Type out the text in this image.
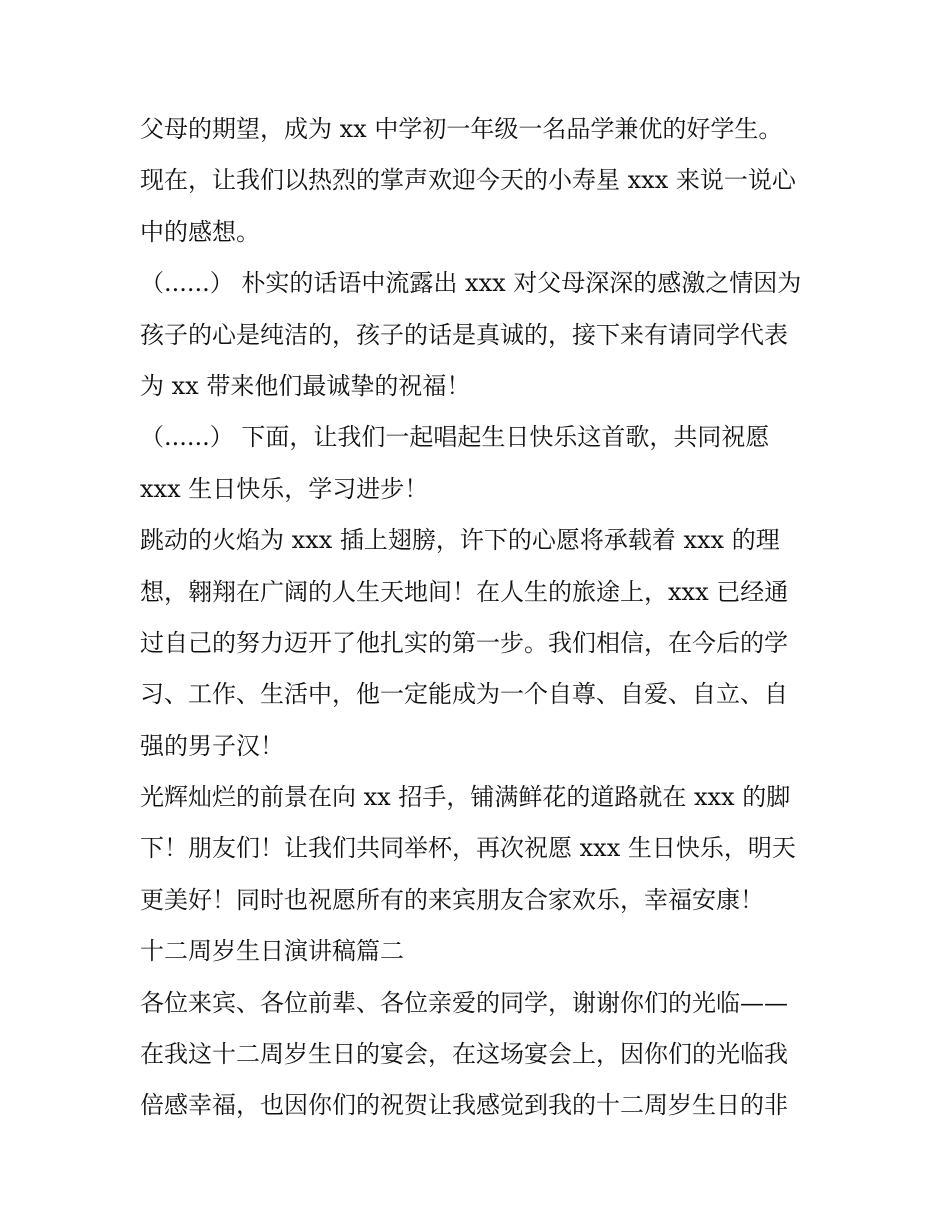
父母的期望，成为 xx 中学初一年级一名品学兼优的好学生。
现在，让我们以热烈的掌声欢迎今天的小寿星 xxx 来说一说心
中的感想。
（......） 朴实的话语中流露出 xxx 对父母深深的感激之情因为
孩子的心是纯洁的，孩子的话是真诚的，接下来有请同学代表
为 xx 带来他们最诚挚的祝福！
（......） 下面，让我们一起唱起生日快乐这首歌，共同祝愿
xxx 生日快乐，学习进步！
跳动的火焰为 xxx 插上翅膀，许下的心愿将承载着 xxx 的理
想，翱翔在广阔的人生天地间！在人生的旅途上，xxx 已经通
过自己的努力迈开了他扎实的第一步。我们相信，在今后的学
习、工作、生活中，他一定能成为一个自尊、自爱、自立、自
强的男子汉！
光辉灿烂的前景在向 xx 招手，铺满鲜花的道路就在 xxx 的脚
下！朋友们！让我们共同举杯，再次祝愿 xxx 生日快乐，明天
更美好！同时也祝愿所有的来宾朋友合家欢乐，幸福安康！
十二周岁生日演讲稿篇二
各位来宾、各位前辈、各位亲爱的同学，谢谢你们的光临——
在我这十二周岁生日的宴会，在这场宴会上，因你们的光临我
倍感幸福，也因你们的祝贺让我感觉到我的十二周岁生日的非
